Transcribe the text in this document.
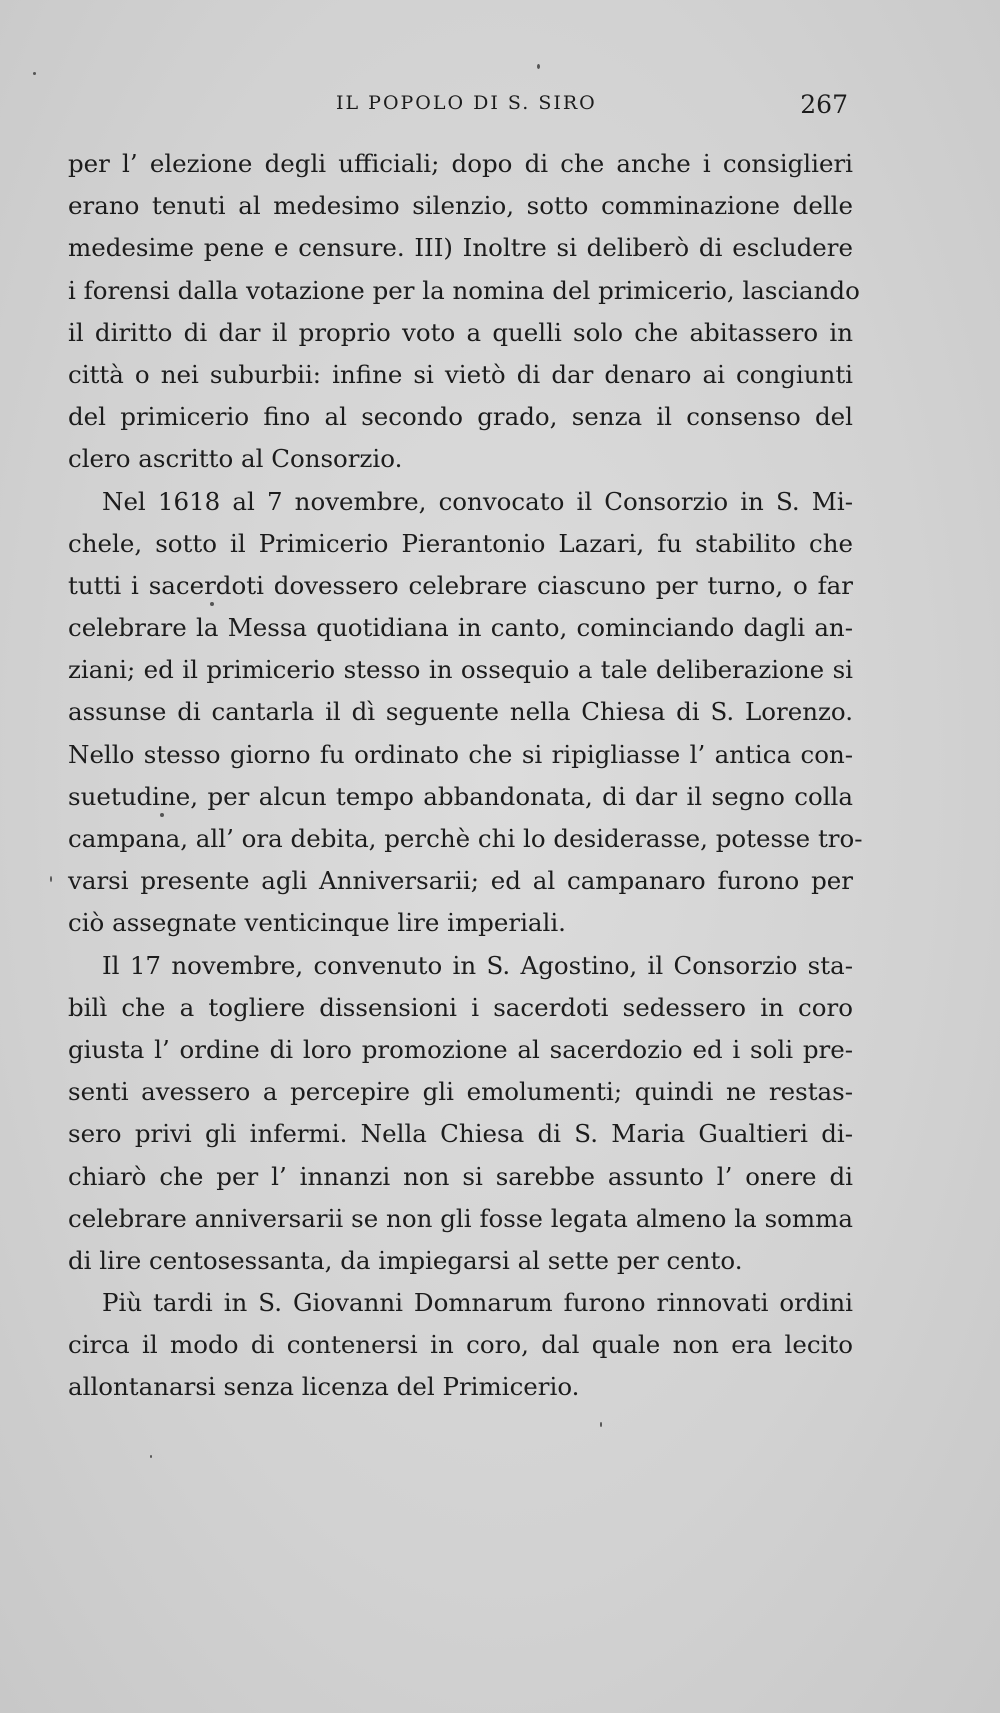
IL POPOLO DI S. SIRO	267
per l’ elezione degli ufficiali; dopo di che anche i consiglieri
erano tenuti al medesimo silenzio, sotto comminazione delle
medesime pene e censure. III) Inoltre si deliberò di escludere
i forensi dalla votazione per la nomina del primicerio, lasciando
il diritto di dar il proprio voto a quelli solo che abitassero in
città o nei suburbii: infine si vietò di dar denaro ai congiunti
del primicerio fino al secondo grado, senza il consenso del
clero ascritto al Consorzio.
Nel 1618 al 7 novembre, convocato il Consorzio in S. Mi-
chele, sotto il Primicerio Pierantonio Lazari, fu stabilito che
tutti i sacerdoti dovessero celebrare ciascuno per turno, o far
celebrare la Messa quotidiana in canto, cominciando dagli an-
ziani; ed il primicerio stesso in ossequio a tale deliberazione si
assunse di cantarla il dì seguente nella Chiesa di S. Lorenzo.
Nello stesso giorno fu ordinato che si ripigliasse l’ antica con-
suetudine, per alcun tempo abbandonata, di dar il segno colla
campana, all’ ora debita, perchè chi lo desiderasse, potesse tro-
varsi presente agli Anniversarii; ed al campanaro furono per
ciò assegnate venticinque lire imperiali.
Il 17 novembre, convenuto in S. Agostino, il Consorzio sta-
bilì che a togliere dissensioni i sacerdoti sedessero in coro
giusta l’ ordine di loro promozione al sacerdozio ed i soli pre-
senti avessero a percepire gli emolumenti; quindi ne restas-
sero privi gli infermi. Nella Chiesa di S. Maria Gualtieri di-
chiarò che per l’ innanzi non si sarebbe assunto l’ onere di
celebrare anniversarii se non gli fosse legata almeno la somma
di lire centosessanta, da impiegarsi al sette per cento.
Più tardi in S. Giovanni Domnarum furono rinnovati ordini
circa il modo di contenersi in coro, dal quale non era lecito
allontanarsi senza licenza del Primicerio.
